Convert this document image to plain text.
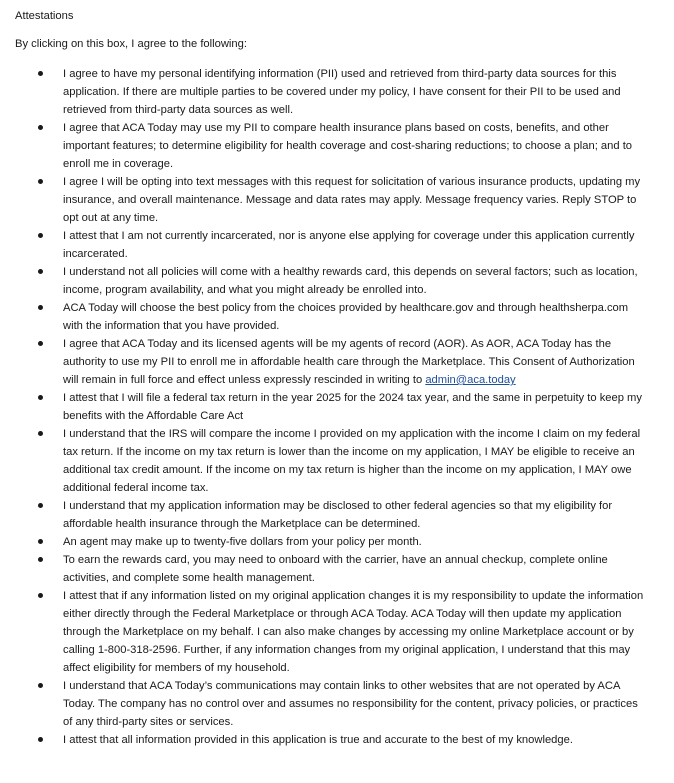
Attestations
By clicking on this box, I agree to the following:
I agree to have my personal identifying information (PII) used and retrieved from third-party data sources for this application. If there are multiple parties to be covered under my policy, I have consent for their PII to be used and retrieved from third-party data sources as well.
I agree that ACA Today may use my PII to compare health insurance plans based on costs, benefits, and other important features; to determine eligibility for health coverage and cost-sharing reductions; to choose a plan; and to enroll me in coverage.
I agree I will be opting into text messages with this request for solicitation of various insurance products, updating my insurance, and overall maintenance. Message and data rates may apply. Message frequency varies. Reply STOP to opt out at any time.
I attest that I am not currently incarcerated, nor is anyone else applying for coverage under this application currently incarcerated.
I understand not all policies will come with a healthy rewards card, this depends on several factors; such as location, income, program availability, and what you might already be enrolled into.
ACA Today will choose the best policy from the choices provided by healthcare.gov and through healthsherpa.com with the information that you have provided.
I agree that ACA Today and its licensed agents will be my agents of record (AOR). As AOR, ACA Today has the authority to use my PII to enroll me in affordable health care through the Marketplace. This Consent of Authorization will remain in full force and effect unless expressly rescinded in writing to admin@aca.today
I attest that I will file a federal tax return in the year 2025 for the 2024 tax year, and the same in perpetuity to keep my benefits with the Affordable Care Act
I understand that the IRS will compare the income I provided on my application with the income I claim on my federal tax return. If the income on my tax return is lower than the income on my application, I MAY be eligible to receive an additional tax credit amount. If the income on my tax return is higher than the income on my application, I MAY owe additional federal income tax.
I understand that my application information may be disclosed to other federal agencies so that my eligibility for affordable health insurance through the Marketplace can be determined.
An agent may make up to twenty-five dollars from your policy per month.
To earn the rewards card, you may need to onboard with the carrier, have an annual checkup, complete online activities, and complete some health management.
I attest that if any information listed on my original application changes it is my responsibility to update the information either directly through the Federal Marketplace or through ACA Today. ACA Today will then update my application through the Marketplace on my behalf. I can also make changes by accessing my online Marketplace account or by calling 1-800-318-2596. Further, if any information changes from my original application, I understand that this may affect eligibility for members of my household.
I understand that ACA Today’s communications may contain links to other websites that are not operated by ACA Today. The company has no control over and assumes no responsibility for the content, privacy policies, or practices of any third-party sites or services.
I attest that all information provided in this application is true and accurate to the best of my knowledge.
